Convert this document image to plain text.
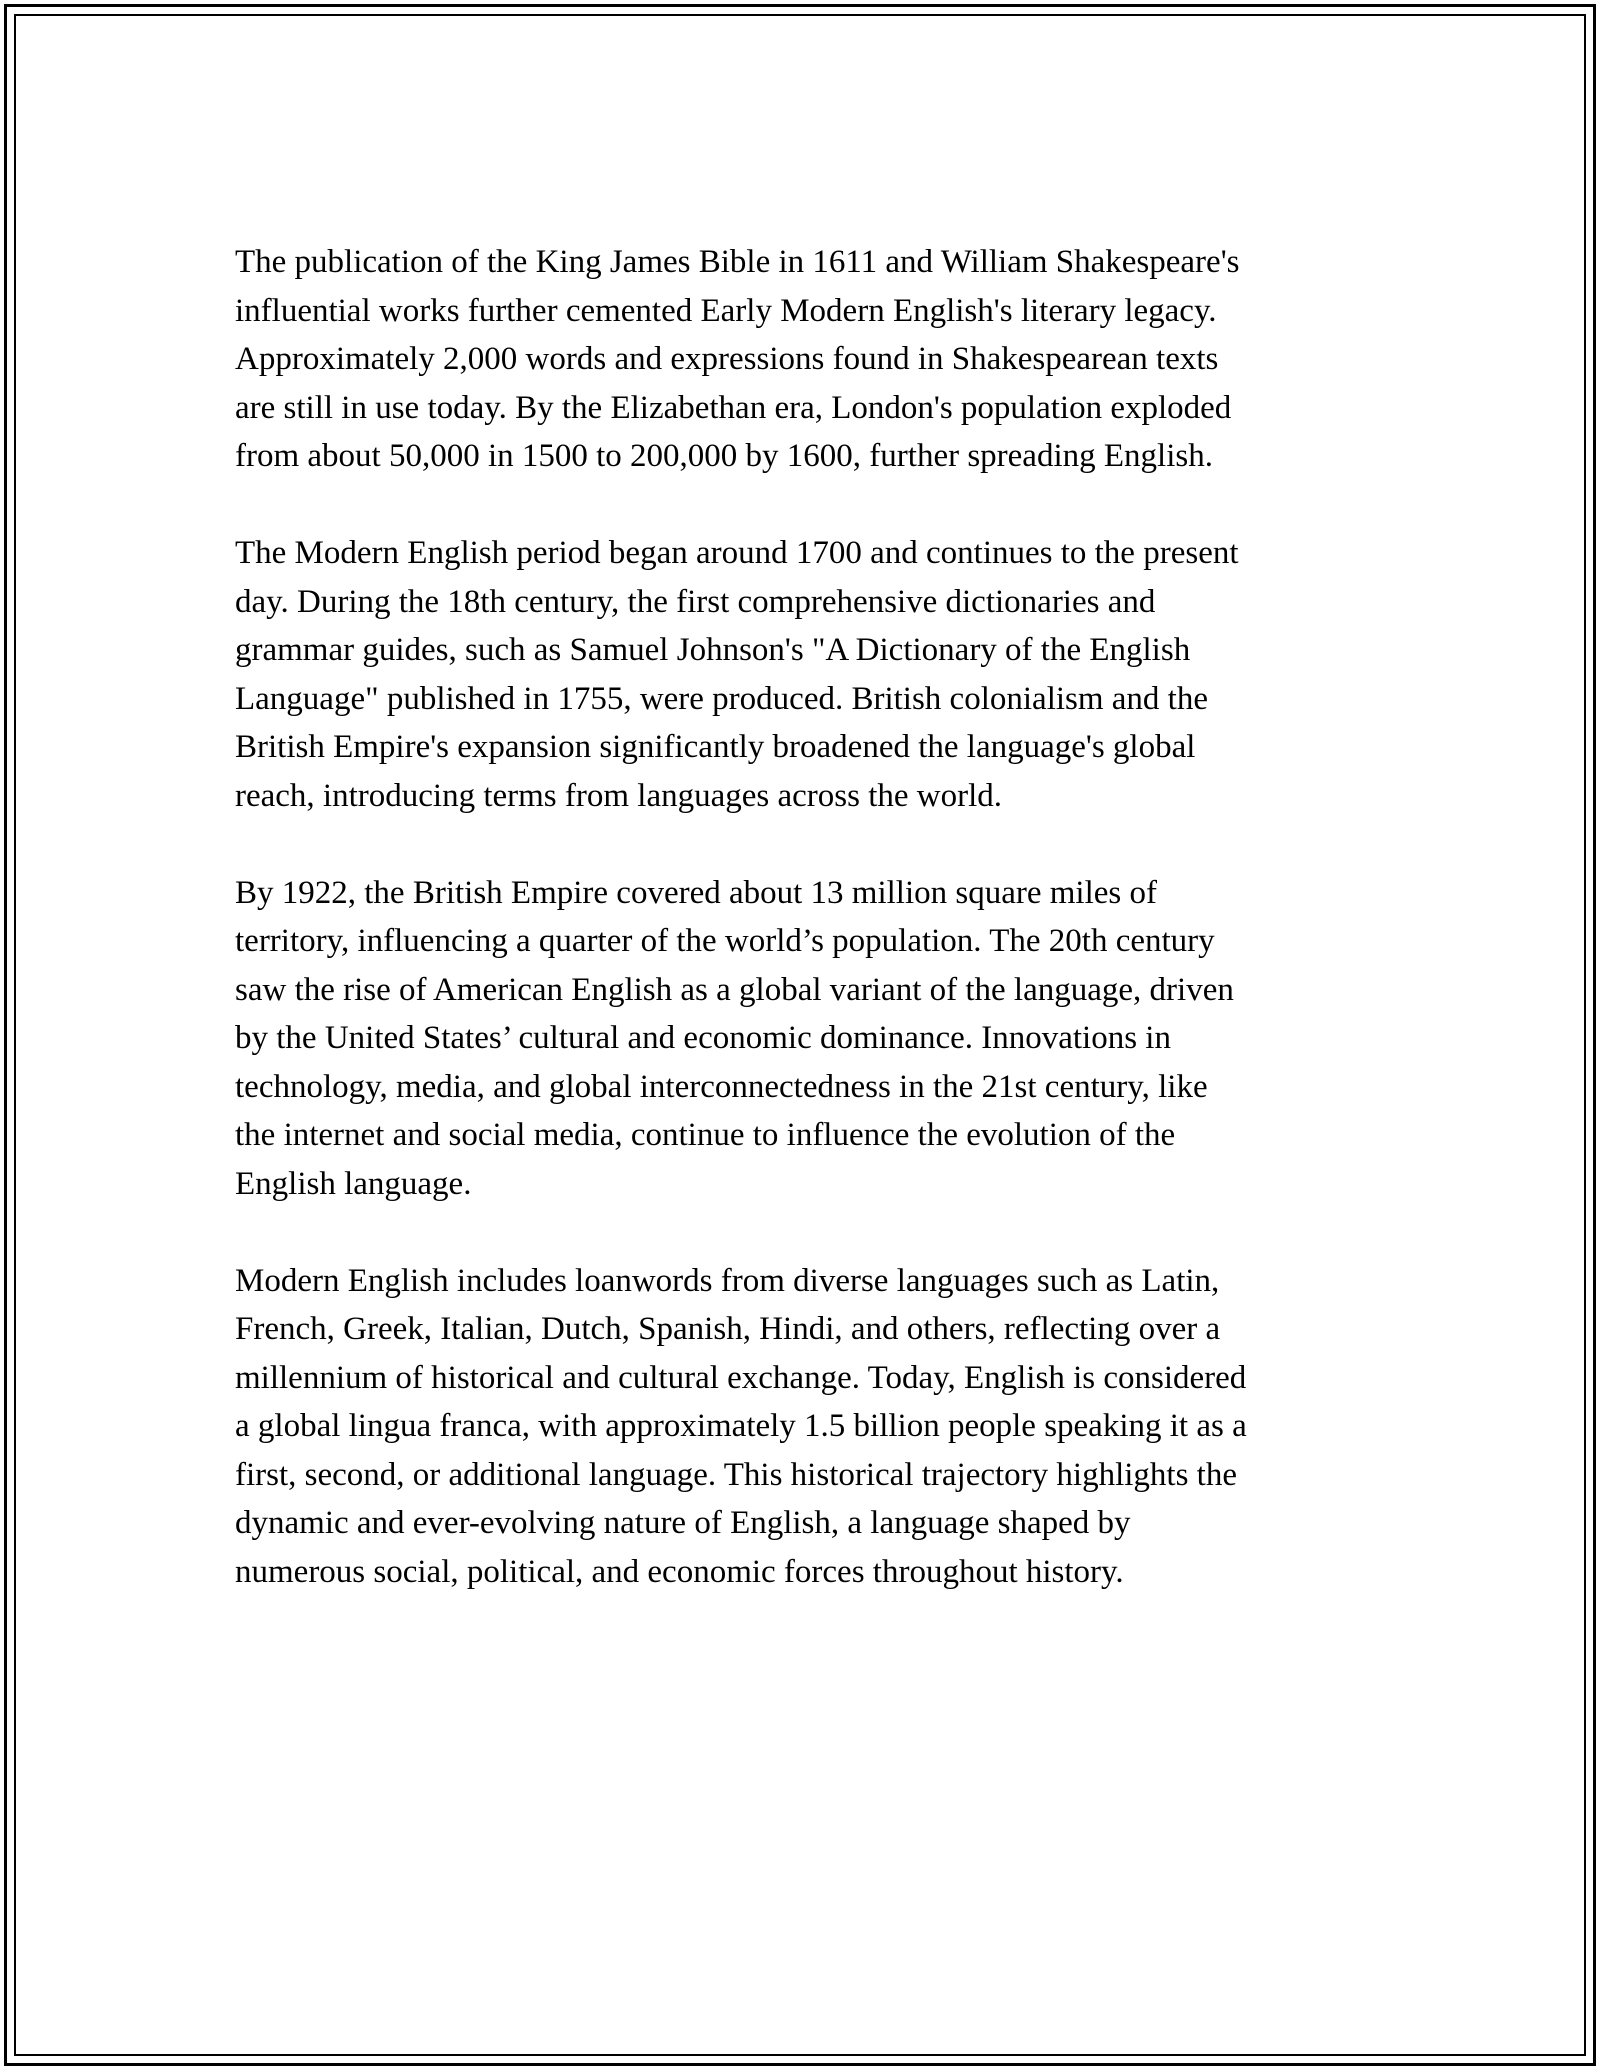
The publication of the King James Bible in 1611 and William Shakespeare's
influential works further cemented Early Modern English's literary legacy.
Approximately 2,000 words and expressions found in Shakespearean texts
are still in use today. By the Elizabethan era, London's population exploded
from about 50,000 in 1500 to 200,000 by 1600, further spreading English.

The Modern English period began around 1700 and continues to the present
day. During the 18th century, the first comprehensive dictionaries and
grammar guides, such as Samuel Johnson's "A Dictionary of the English
Language" published in 1755, were produced. British colonialism and the
British Empire's expansion significantly broadened the language's global
reach, introducing terms from languages across the world.

By 1922, the British Empire covered about 13 million square miles of
territory, influencing a quarter of the world’s population. The 20th century
saw the rise of American English as a global variant of the language, driven
by the United States’ cultural and economic dominance. Innovations in
technology, media, and global interconnectedness in the 21st century, like
the internet and social media, continue to influence the evolution of the
English language.

Modern English includes loanwords from diverse languages such as Latin,
French, Greek, Italian, Dutch, Spanish, Hindi, and others, reflecting over a
millennium of historical and cultural exchange. Today, English is considered
a global lingua franca, with approximately 1.5 billion people speaking it as a
first, second, or additional language. This historical trajectory highlights the
dynamic and ever-evolving nature of English, a language shaped by
numerous social, political, and economic forces throughout history.
